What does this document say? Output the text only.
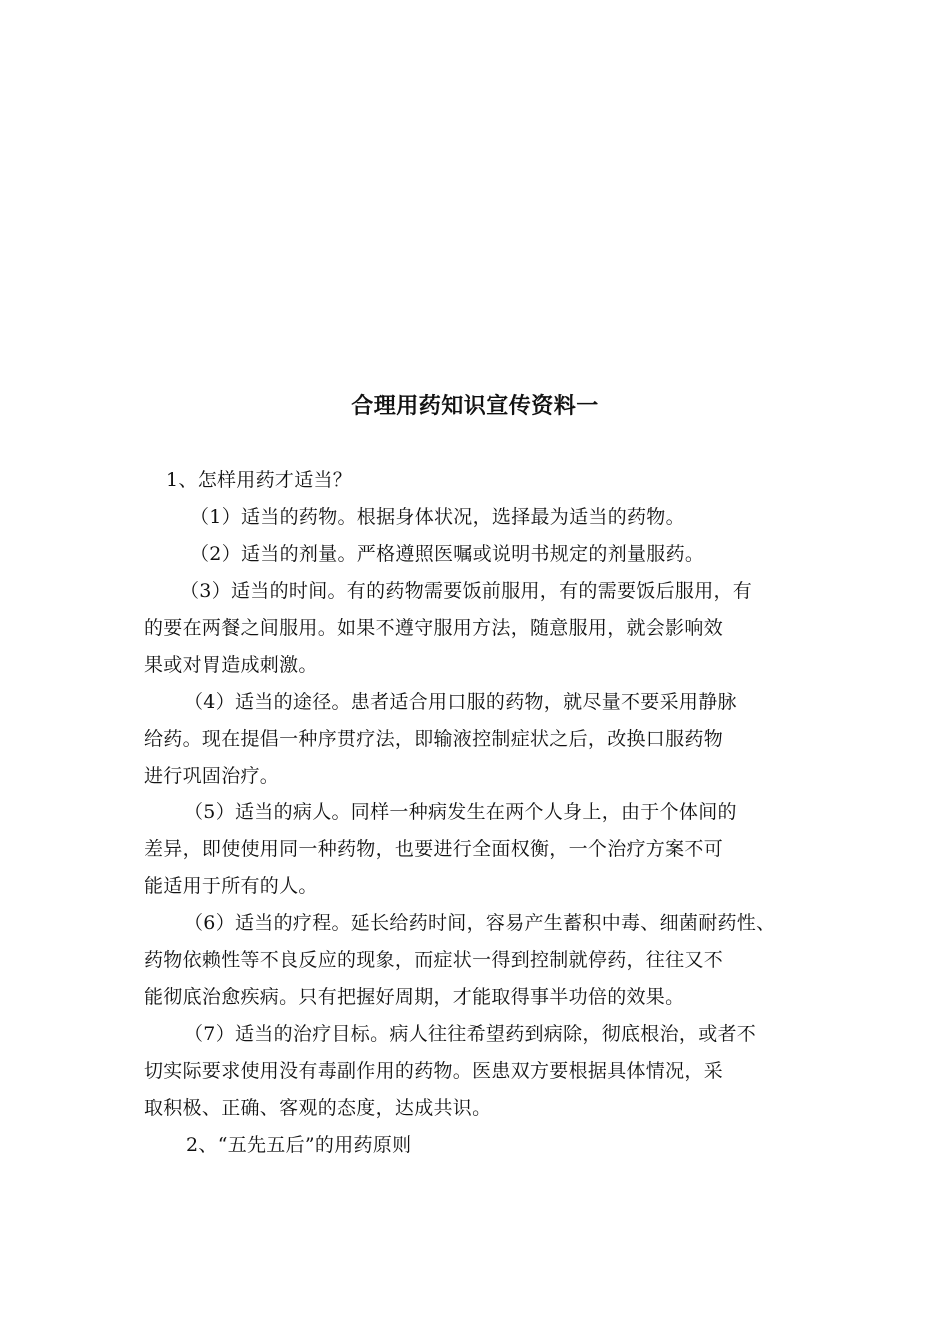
合理用药知识宣传资料一
1、怎样用药才适当？
（1）适当的药物。根据身体状况，选择最为适当的药物。
（2）适当的剂量。严格遵照医嘱或说明书规定的剂量服药。
（3）适当的时间。有的药物需要饭前服用，有的需要饭后服用，有
的要在两餐之间服用。如果不遵守服用方法，随意服用，就会影响效
果或对胃造成刺激。
（4）适当的途径。患者适合用口服的药物，就尽量不要采用静脉
给药。现在提倡一种序贯疗法，即输液控制症状之后，改换口服药物
进行巩固治疗。
（5）适当的病人。同样一种病发生在两个人身上，由于个体间的
差异，即使使用同一种药物，也要进行全面权衡，一个治疗方案不可
能适用于所有的人。
（6）适当的疗程。延长给药时间，容易产生蓄积中毒、细菌耐药性、
药物依赖性等不良反应的现象，而症状一得到控制就停药，往往又不
能彻底治愈疾病。只有把握好周期，才能取得事半功倍的效果。
（7）适当的治疗目标。病人往往希望药到病除，彻底根治，或者不
切实际要求使用没有毒副作用的药物。医患双方要根据具体情况，采
取积极、正确、客观的态度，达成共识。
2、“五先五后”的用药原则
